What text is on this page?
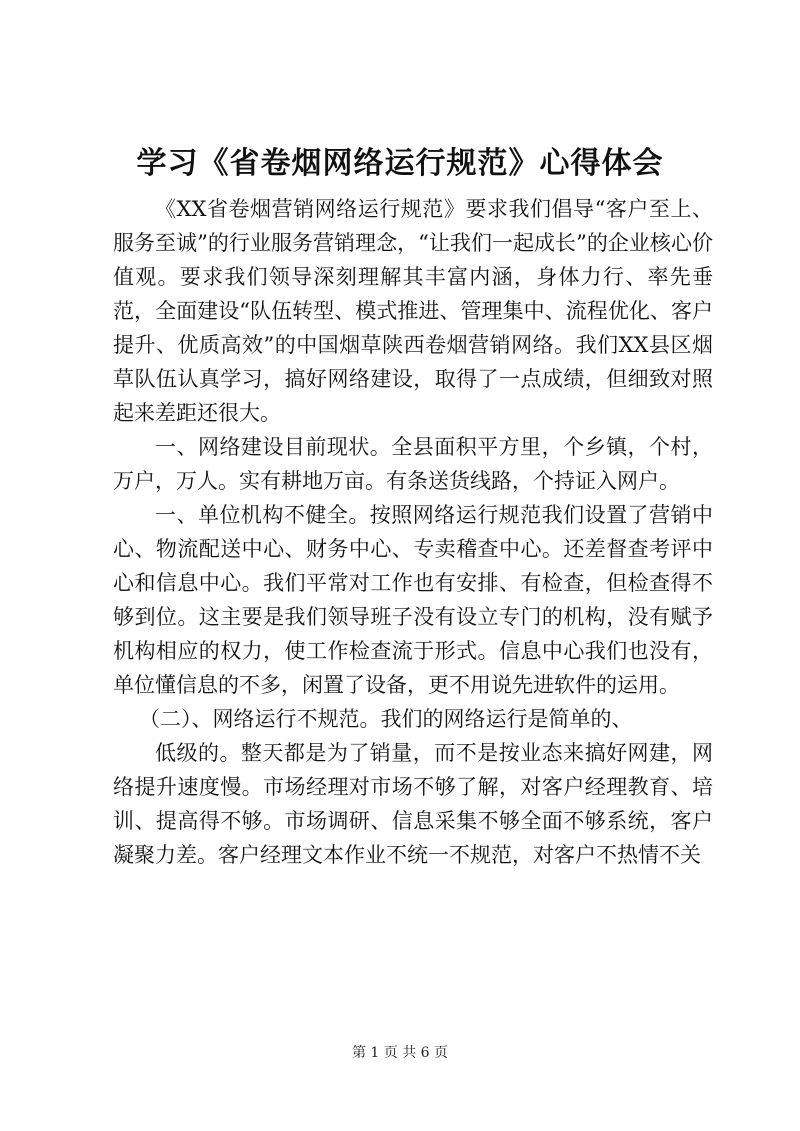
学习《省卷烟网络运行规范》心得体会

《XX省卷烟营销网络运行规范》要求我们倡导“客户至上、服务至诚”的行业服务营销理念，“让我们一起成长”的企业核心价值观。要求我们领导深刻理解其丰富内涵，身体力行、率先垂范，全面建设“队伍转型、模式推进、管理集中、流程优化、客户提升、优质高效”的中国烟草陕西卷烟营销网络。我们XX县区烟草队伍认真学习，搞好网络建设，取得了一点成绩，但细致对照起来差距还很大。

一、网络建设目前现状。全县面积平方里，个乡镇，个村，万户，万人。实有耕地万亩。有条送货线路，个持证入网户。

一、单位机构不健全。按照网络运行规范我们设置了营销中心、物流配送中心、财务中心、专卖稽查中心。还差督查考评中心和信息中心。我们平常对工作也有安排、有检查，但检查得不够到位。这主要是我们领导班子没有设立专门的机构，没有赋予机构相应的权力，使工作检查流于形式。信息中心我们也没有，单位懂信息的不多，闲置了设备，更不用说先进软件的运用。

（二）、网络运行不规范。我们的网络运行是简单的、

低级的。整天都是为了销量，而不是按业态来搞好网建，网络提升速度慢。市场经理对市场不够了解，对客户经理教育、培训、提高得不够。市场调研、信息采集不够全面不够系统，客户凝聚力差。客户经理文本作业不统一不规范，对客户不热情不关

第 1 页 共 6 页
